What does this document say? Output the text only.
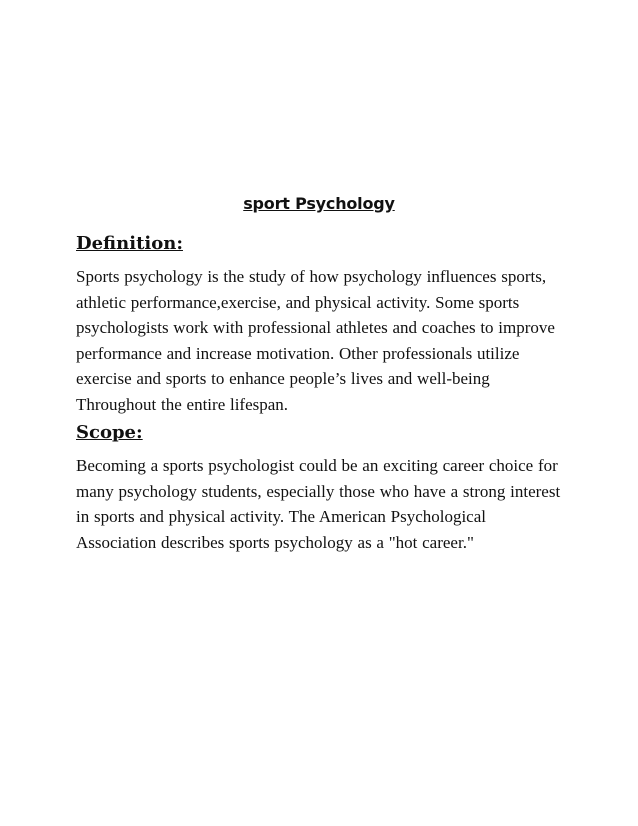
sport Psychology
Definition:

Sports psychology is the study of how psychology influences sports, athletic performance,exercise, and physical activity. Some sports psychologists work with professional athletes and coaches to improve performance and increase motivation. Other professionals utilize exercise and sports to enhance people’s lives and well-being Throughout the entire lifespan.

Scope:

Becoming a sports psychologist could be an exciting career choice for many psychology students, especially those who have a strong interest in sports and physical activity. The American Psychological Association describes sports psychology as a "hot career."
